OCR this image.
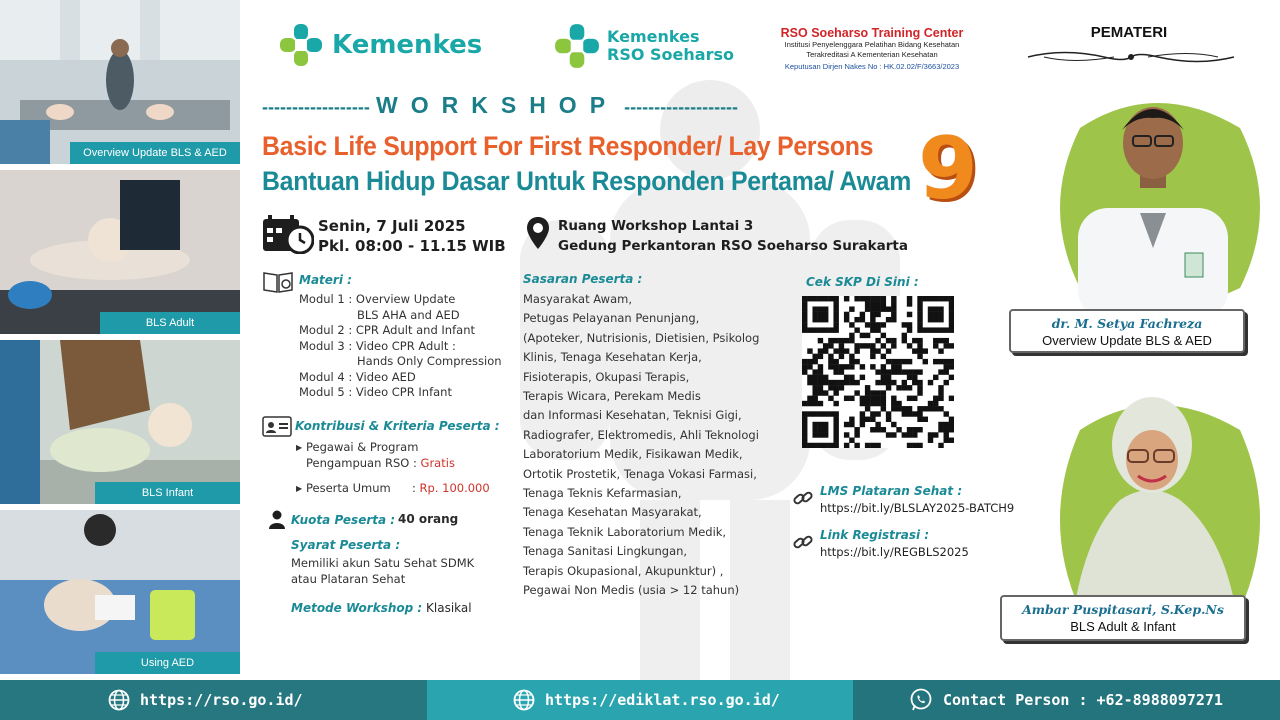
Overview Update BLS & AED
BLS Adult
BLS Infant
Using AED
Kemenkes	Kemenkes
RSO Soeharso
RSO Soeharso Training Center
Institusi Penyelenggara Pelatihan Bidang Kesehatan
Terakreditasi A Kementerian Kesehatan
Keputusan Dirjen Nakes No : HK.02.02/F/3663/2023
------------------ WORKSHOP -------------------
Basic Life Support For First Responder/ Lay Persons
Bantuan Hidup Dasar Untuk Responden Pertama/ Awam 9
Senin, 7 Juli 2025
Pkl. 08:00 - 11.15 WIB
Ruang Workshop Lantai 3
Gedung Perkantoran RSO Soeharso Surakarta
Materi :
Modul 1 : Overview Update
BLS AHA and AED
Modul 2 : CPR Adult and Infant
Modul 3 : Video CPR Adult :
Hands Only Compression
Modul 4 : Video AED
Modul 5 : Video CPR Infant
Kontribusi & Kriteria Peserta :
▶ Pegawai & Program
Pengampuan RSO : Gratis
▶ Peserta Umum	:
Rp. 100.000
Kuota Peserta : 40 orang
Syarat Peserta :
Memiliki akun Satu Sehat SDMK
atau Plataran Sehat
Metode Workshop : Klasikal
Sasaran Peserta :
Masyarakat Awam,
Petugas Pelayanan Penunjang,
(Apoteker, Nutrisionis, Dietisien, Psikolog
Klinis, Tenaga Kesehatan Kerja,
Fisioterapis, Okupasi Terapis,
Terapis Wicara, Perekam Medis
dan Informasi Kesehatan, Teknisi Gigi,
Radiografer, Elektromedis, Ahli Teknologi
Laboratorium Medik, Fisikawan Medik,
Ortotik Prostetik, Tenaga Vokasi Farmasi,
Tenaga Teknis Kefarmasian,
Tenaga Kesehatan Masyarakat,
Tenaga Teknik Laboratorium Medik,
Tenaga Sanitasi Lingkungan,
Terapis Okupasional, Akupunktur) ,
Pegawai Non Medis (usia > 12 tahun)
Cek SKP Di Sini :
LMS Plataran Sehat :
https://bit.ly/BLSLAY2025-BATCH9
Link Registrasi :
https://bit.ly/REGBLS2025
PEMATERI
dr. M. Setya Fachreza
Overview Update BLS & AED
Ambar Puspitasari, S.Kep.Ns
BLS Adult & Infant
https://rso.go.id/	https://ediklat.rso.go.id/	Contact Person : +62-8988097271
